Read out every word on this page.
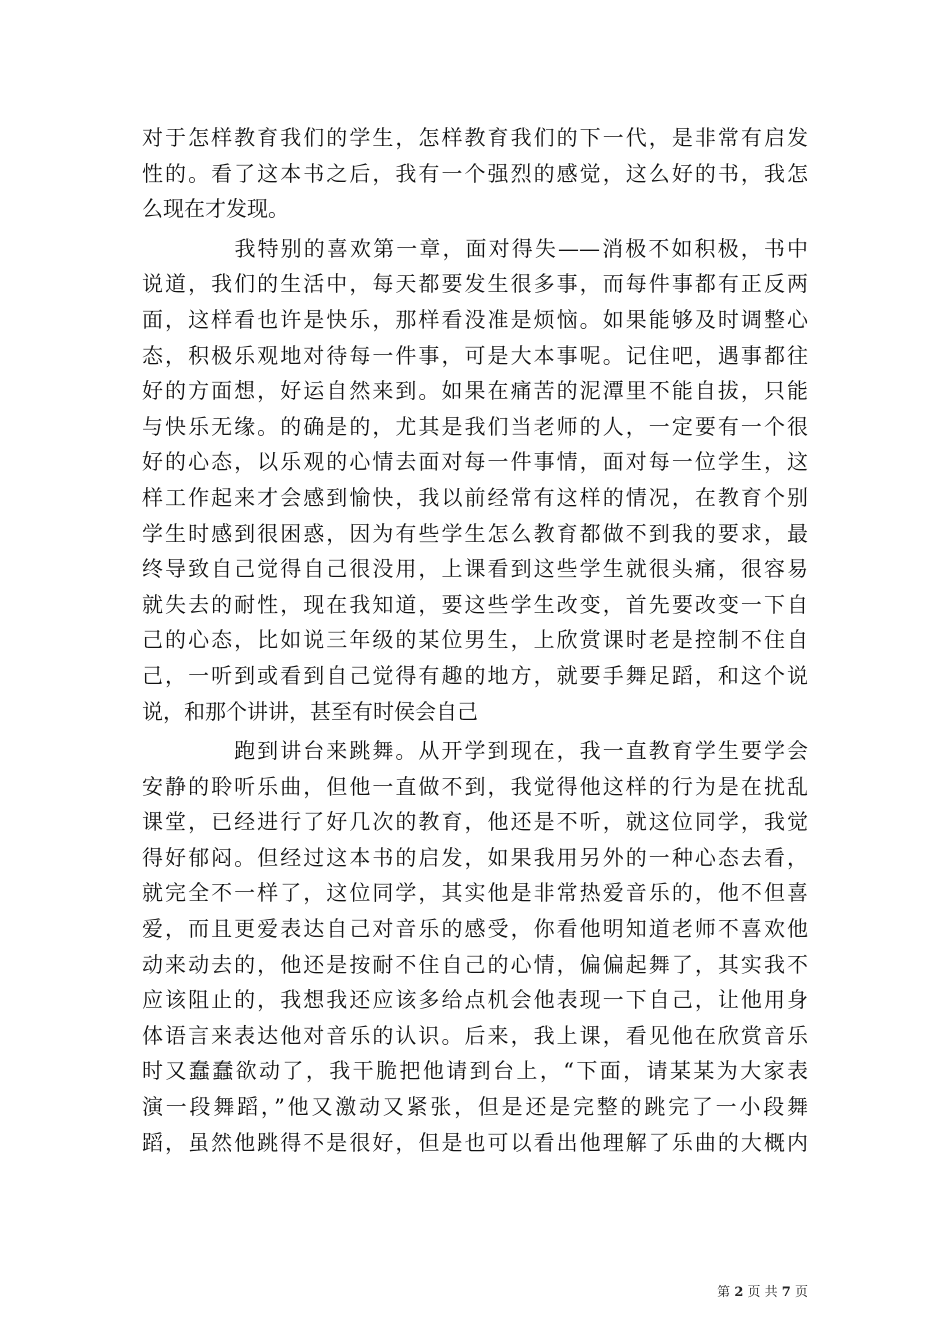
对于怎样教育我们的学生，怎样教育我们的下一代，是非常有启发
性的。看了这本书之后，我有一个强烈的感觉，这么好的书，我怎
么现在才发现。
　　　　我特别的喜欢第一章，面对得失——消极不如积极，书中
说道，我们的生活中，每天都要发生很多事，而每件事都有正反两
面，这样看也许是快乐，那样看没准是烦恼。如果能够及时调整心
态，积极乐观地对待每一件事，可是大本事呢。记住吧，遇事都往
好的方面想，好运自然来到。如果在痛苦的泥潭里不能自拔，只能
与快乐无缘。的确是的，尤其是我们当老师的人，一定要有一个很
好的心态，以乐观的心情去面对每一件事情，面对每一位学生，这
样工作起来才会感到愉快，我以前经常有这样的情况，在教育个别
学生时感到很困惑，因为有些学生怎么教育都做不到我的要求，最
终导致自己觉得自己很没用，上课看到这些学生就很头痛，很容易
就失去的耐性，现在我知道，要这些学生改变，首先要改变一下自
己的心态，比如说三年级的某位男生，上欣赏课时老是控制不住自
己，一听到或看到自己觉得有趣的地方，就要手舞足蹈，和这个说
说，和那个讲讲，甚至有时侯会自己
　　　　跑到讲台来跳舞。从开学到现在，我一直教育学生要学会
安静的聆听乐曲，但他一直做不到，我觉得他这样的行为是在扰乱
课堂，已经进行了好几次的教育，他还是不听，就这位同学，我觉
得好郁闷。但经过这本书的启发，如果我用另外的一种心态去看，
就完全不一样了，这位同学，其实他是非常热爱音乐的，他不但喜
爱，而且更爱表达自己对音乐的感受，你看他明知道老师不喜欢他
动来动去的，他还是按耐不住自己的心情，偏偏起舞了，其实我不
应该阻止的，我想我还应该多给点机会他表现一下自己，让他用身
体语言来表达他对音乐的认识。后来，我上课，看见他在欣赏音乐
时又蠢蠢欲动了，我干脆把他请到台上，“下面，请某某为大家表
演一段舞蹈，”他又激动又紧张，但是还是完整的跳完了一小段舞
蹈，虽然他跳得不是很好，但是也可以看出他理解了乐曲的大概内
第 2 页 共 7 页
